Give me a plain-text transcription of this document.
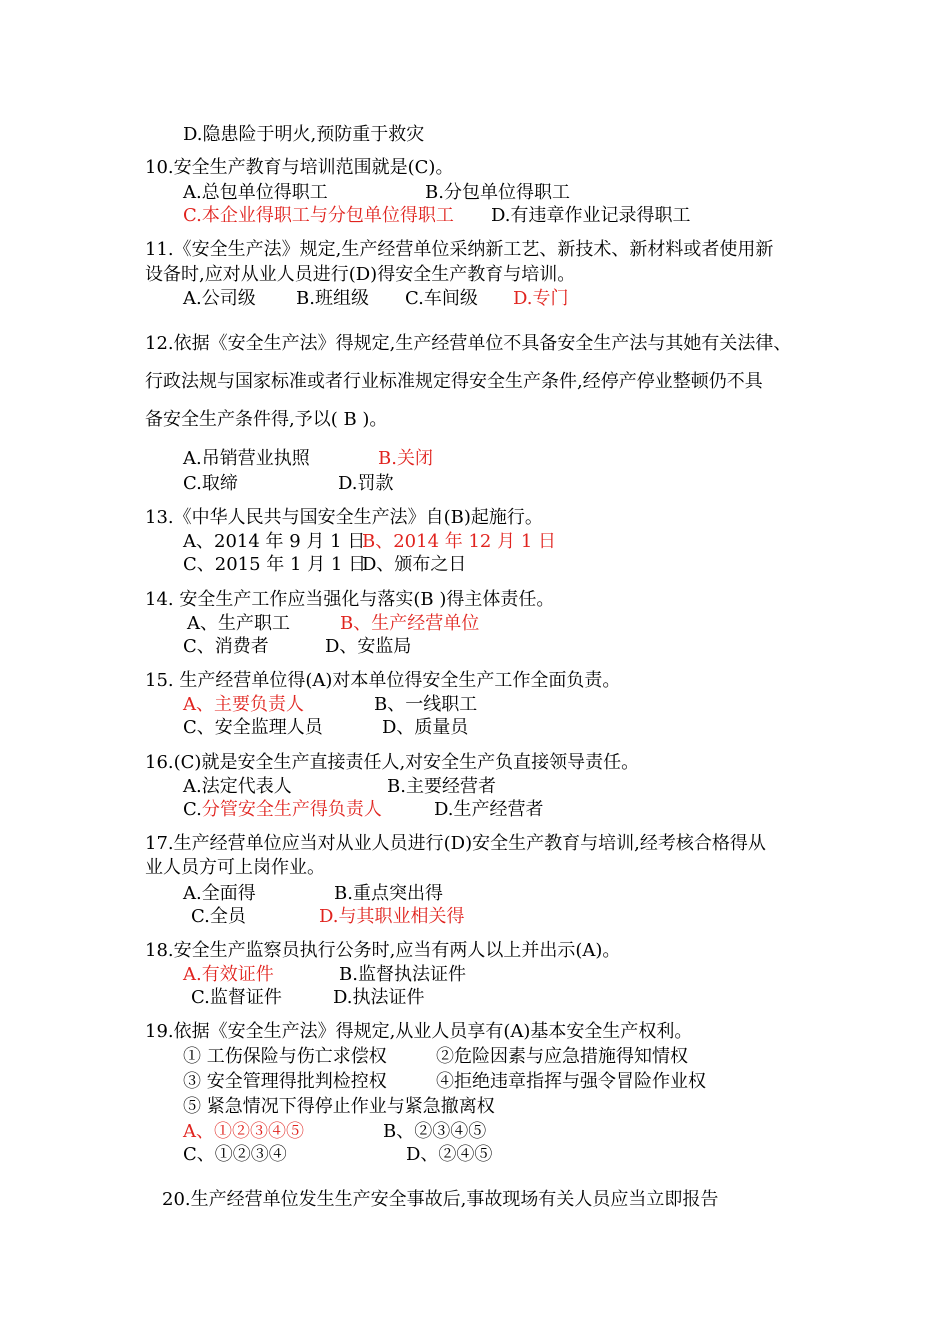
D.隐患险于明火,预防重于救灾
10.安全生产教育与培训范围就是(C)。
A.总包单位得职工	B.分包单位得职工
C.本企业得职工与分包单位得职工 D.有违章作业记录得职工
11.《安全生产法》规定,生产经营单位采纳新工艺、新技术、新材料或者使用新
设备时,应对从业人员进行(D)得安全生产教育与培训。
A.公司级 B.班组级 C.车间级 D.专门
12.依据《安全生产法》得规定,生产经营单位不具备安全生产法与其她有关法律、
行政法规与国家标准或者行业标准规定得安全生产条件,经停产停业整顿仍不具
备安全生产条件得,予以( B )。
A.吊销营业执照	B.关闭
C.取缔	D.罚款
13.《中华人民共与国安全生产法》自(B)起施行。
A、2014 年 9 月 1 日
B、2014 年 12 月 1 日
C、2015 年 1 月 1 日
D、颁布之日
14. 安全生产工作应当强化与落实(B )得主体责任。
A、生产职工	B、生产经营单位
C、消费者	D、安监局
15. 生产经营单位得(A)对本单位得安全生产工作全面负责。
A、主要负责人	B、一线职工
C、安全监理人员	D、质量员
16.(C)就是安全生产直接责任人,对安全生产负直接领导责任。
A.法定代表人	B.主要经营者
C.分管安全生产得负责人	D.生产经营者
17.生产经营单位应当对从业人员进行(D)安全生产教育与培训,经考核合格得从
业人员方可上岗作业。
A.全面得	B.重点突出得
C.全员	D.与其职业相关得
18.安全生产监察员执行公务时,应当有两人以上并出示(A)。
A.有效证件	B.监督执法证件
C.监督证件	D.执法证件
19.依据《安全生产法》得规定,从业人员享有(A)基本安全生产权利。
① 工伤保险与伤亡求偿权	②危险因素与应急措施得知情权
③ 安全管理得批判检控权	④拒绝违章指挥与强令冒险作业权
⑤ 紧急情况下得停止作业与紧急撤离权
A、①②③④⑤	B、②③④⑤
C、①②③④	D、②④⑤
20.生产经营单位发生生产安全事故后,事故现场有关人员应当立即报告
